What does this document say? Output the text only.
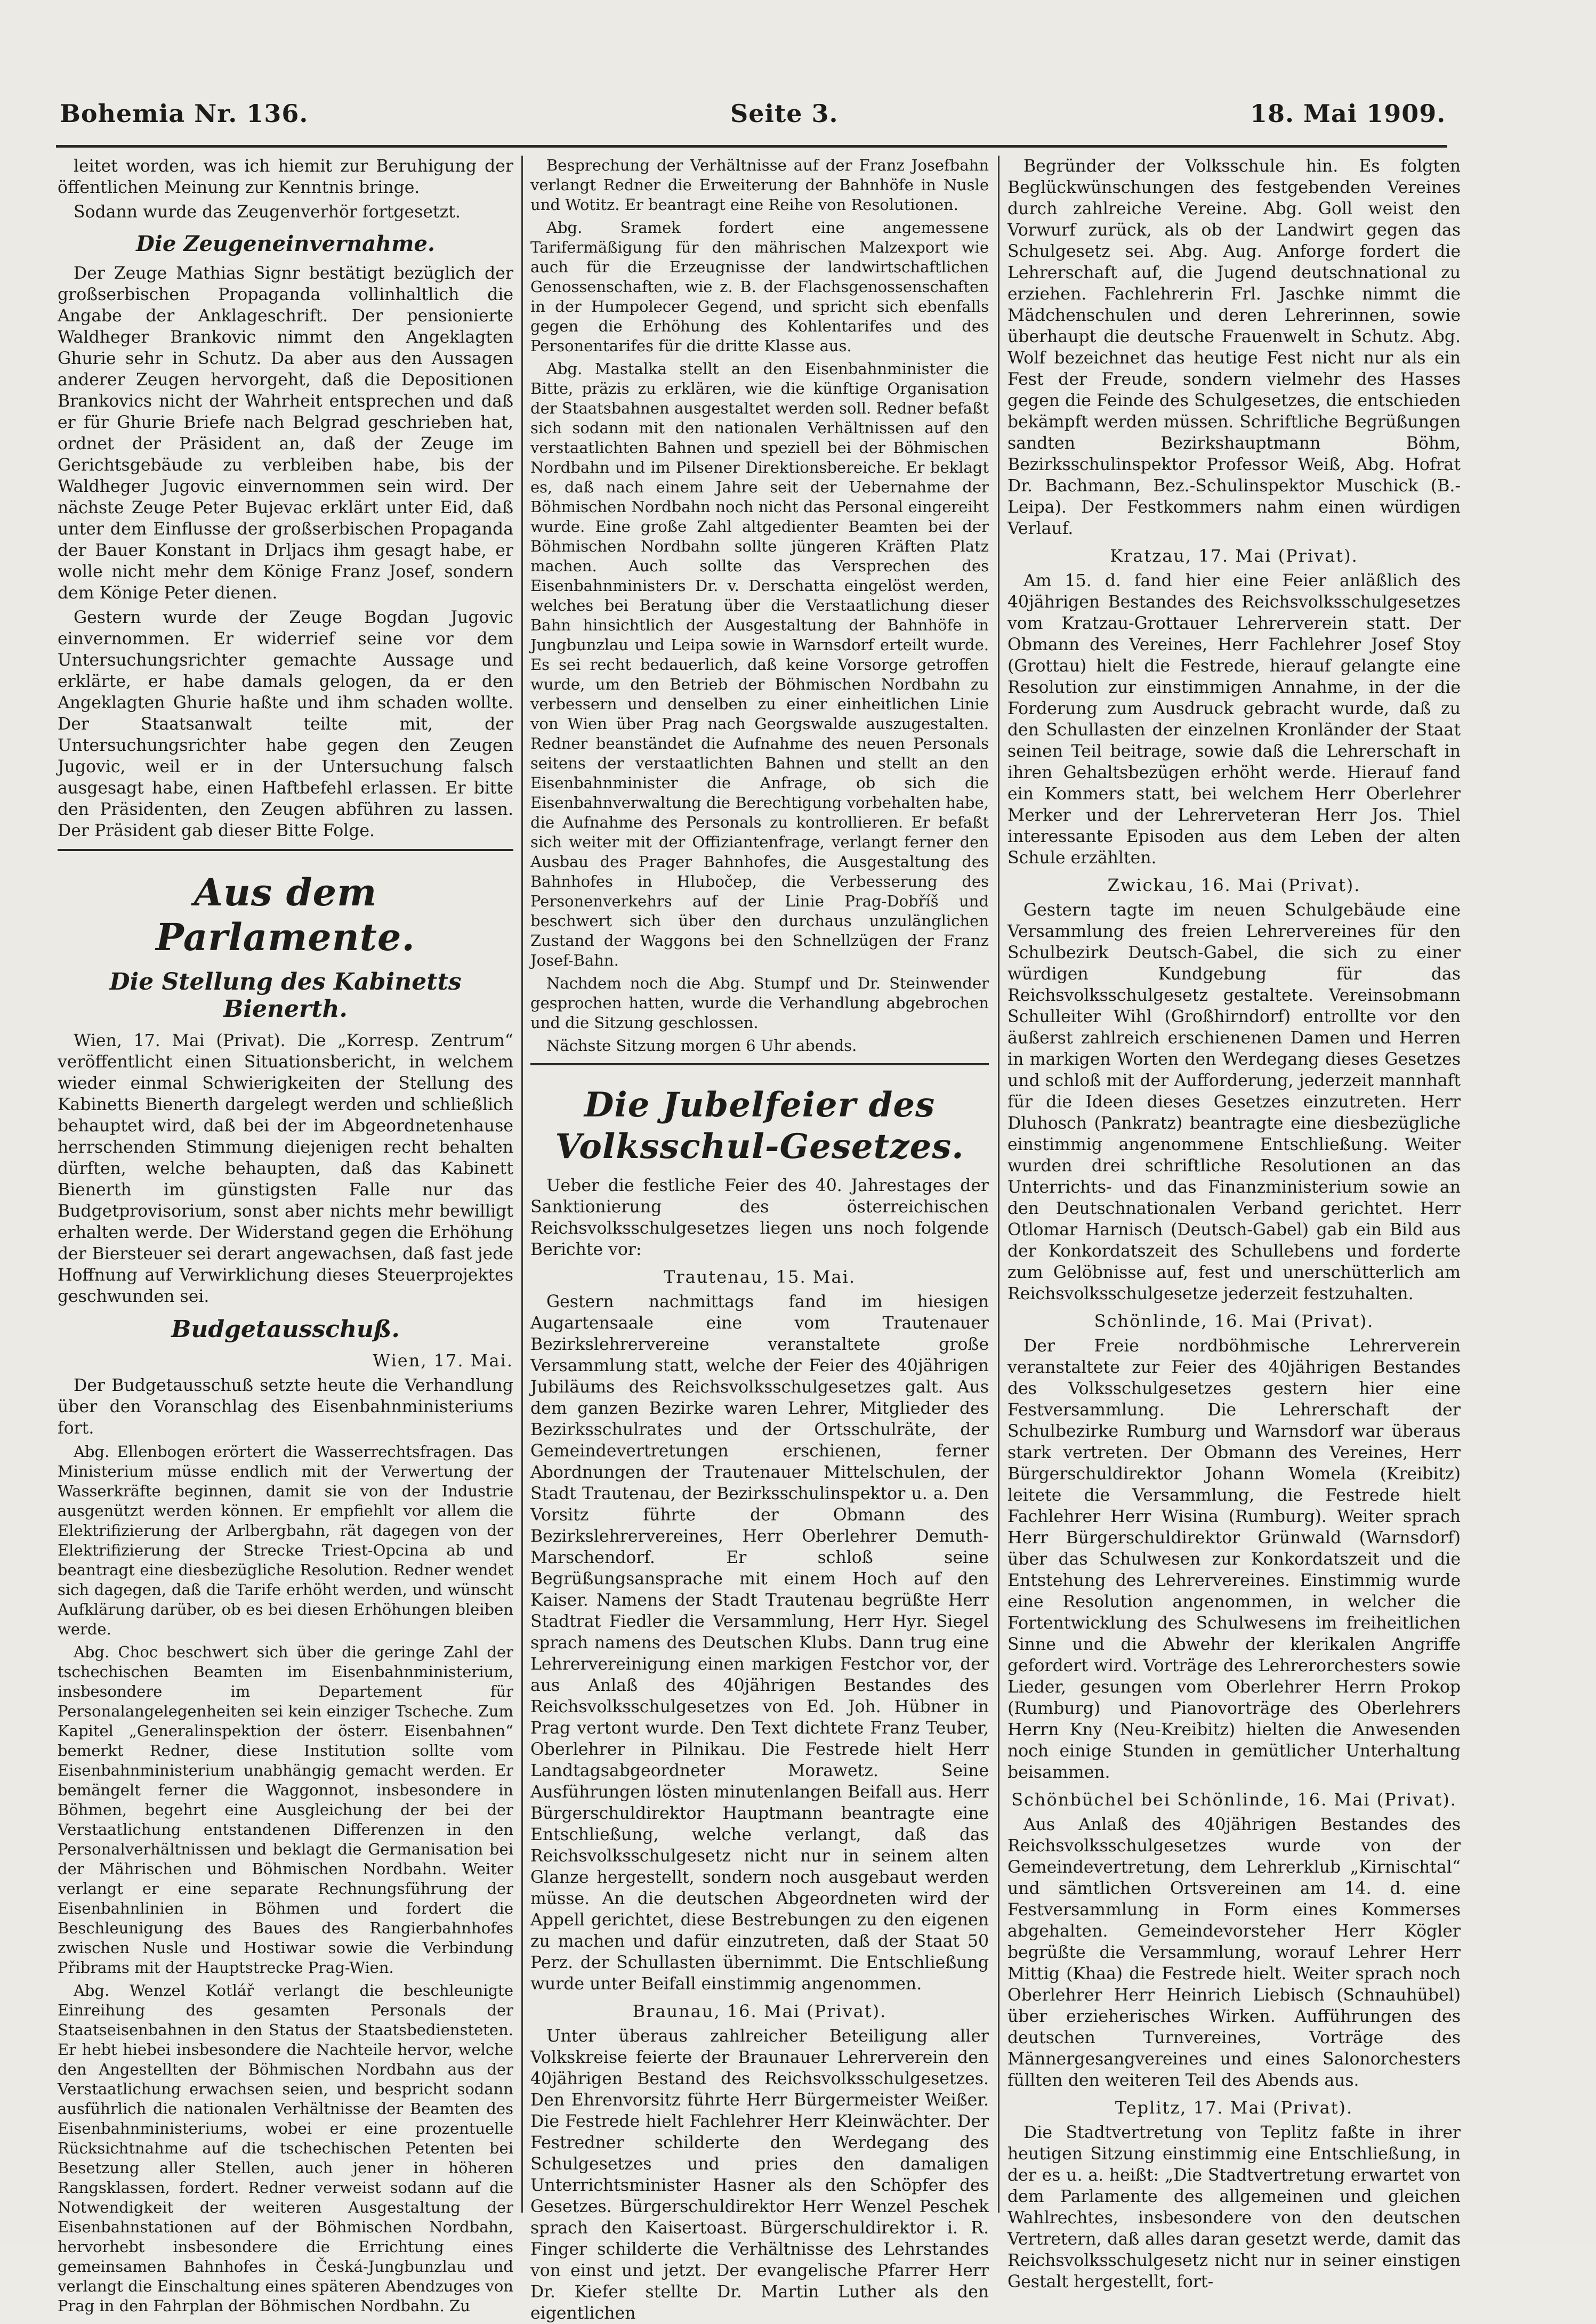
Bohemia Nr. 136.	Seite 3.	18. Mai 1909.

leitet worden, was ich hiemit zur Beruhigung der öffentlichen Meinung zur Kenntnis bringe.

Sodann wurde das Zeugenverhör fortgesetzt.

Die Zeugeneinvernahme.

Der Zeuge Mathias Signr bestätigt bezüglich der großserbischen Propaganda vollinhaltlich die Angabe der Anklageschrift. Der pensionierte Waldheger Brankovic nimmt den Angeklagten Ghurie sehr in Schutz. Da aber aus den Aussagen anderer Zeugen hervorgeht, daß die Depositionen Brankovics nicht der Wahrheit entsprechen und daß er für Ghurie Briefe nach Belgrad geschrieben hat, ordnet der Präsident an, daß der Zeuge im Gerichtsgebäude zu verbleiben habe, bis der Waldheger Jugovic einvernommen sein wird. Der nächste Zeuge Peter Bujevac erklärt unter Eid, daß unter dem Einflusse der großserbischen Propaganda der Bauer Konstant in Drljacs ihm gesagt habe, er wolle nicht mehr dem Könige Franz Josef, sondern dem Könige Peter dienen.

Gestern wurde der Zeuge Bogdan Jugovic einvernommen. Er widerrief seine vor dem Untersuchungsrichter gemachte Aussage und erklärte, er habe damals gelogen, da er den Angeklagten Ghurie haßte und ihm schaden wollte. Der Staatsanwalt teilte mit, der Untersuchungsrichter habe gegen den Zeugen Jugovic, weil er in der Untersuchung falsch ausgesagt habe, einen Haftbefehl erlassen. Er bitte den Präsidenten, den Zeugen abführen zu lassen. Der Präsident gab dieser Bitte Folge.

Aus dem Parlamente.
Die Stellung des Kabinetts Bienerth.

Wien, 17. Mai (Privat). Die „Korresp. Zentrum“ veröffentlicht einen Situationsbericht, in welchem wieder einmal Schwierigkeiten der Stellung des Kabinetts Bienerth dargelegt werden und schließlich behauptet wird, daß bei der im Abgeordnetenhause herrschenden Stimmung diejenigen recht behalten dürften, welche behaupten, daß das Kabinett Bienerth im günstigsten Falle nur das Budgetprovisorium, sonst aber nichts mehr bewilligt erhalten werde. Der Widerstand gegen die Erhöhung der Biersteuer sei derart angewachsen, daß fast jede Hoffnung auf Verwirklichung dieses Steuerprojektes geschwunden sei.

Budgetausschuß.
Wien, 17. Mai.

Der Budgetausschuß setzte heute die Verhandlung über den Voranschlag des Eisenbahnministeriums fort.

Abg. Ellenbogen erörtert die Wasserrechtsfragen. Das Ministerium müsse endlich mit der Verwertung der Wasserkräfte beginnen, damit sie von der Industrie ausgenützt werden können. Er empfiehlt vor allem die Elektrifizierung der Arlbergbahn, rät dagegen von der Elektrifizierung der Strecke Triest-Opcina ab und beantragt eine diesbezügliche Resolution. Redner wendet sich dagegen, daß die Tarife erhöht werden, und wünscht Aufklärung darüber, ob es bei diesen Erhöhungen bleiben werde.

Abg. Choc beschwert sich über die geringe Zahl der tschechischen Beamten im Eisenbahnministerium, insbesondere im Departement für Personalangelegenheiten sei kein einziger Tscheche. Zum Kapitel „Generalinspektion der österr. Eisenbahnen“ bemerkt Redner, diese Institution sollte vom Eisenbahnministerium unabhängig gemacht werden. Er bemängelt ferner die Waggonnot, insbesondere in Böhmen, begehrt eine Ausgleichung der bei der Verstaatlichung entstandenen Differenzen in den Personalverhältnissen und beklagt die Germanisation bei der Mährischen und Böhmischen Nordbahn. Weiter verlangt er eine separate Rechnungsführung der Eisenbahnlinien in Böhmen und fordert die Beschleunigung des Baues des Rangierbahnhofes zwischen Nusle und Hostiwar sowie die Verbindung Přibrams mit der Hauptstrecke Prag-Wien.

Abg. Wenzel Kotlář verlangt die beschleunigte Einreihung des gesamten Personals der Staatseisenbahnen in den Status der Staatsbediensteten. Er hebt hiebei insbesondere die Nachteile hervor, welche den Angestellten der Böhmischen Nordbahn aus der Verstaatlichung erwachsen seien, und bespricht sodann ausführlich die nationalen Verhältnisse der Beamten des Eisenbahnministeriums, wobei er eine prozentuelle Rücksichtnahme auf die tschechischen Petenten bei Besetzung aller Stellen, auch jener in höheren Rangsklassen, fordert. Redner verweist sodann auf die Notwendigkeit der weiteren Ausgestaltung der Eisenbahnstationen auf der Böhmischen Nordbahn, hervorhebt insbesondere die Errichtung eines gemeinsamen Bahnhofes in Česká-Jungbunzlau und verlangt die Einschaltung eines späteren Abendzuges von Prag in den Fahrplan der Böhmischen Nordbahn. Zu

Besprechung der Verhältnisse auf der Franz Josefbahn verlangt Redner die Erweiterung der Bahnhöfe in Nusle und Wotitz. Er beantragt eine Reihe von Resolutionen.

Abg. Sramek fordert eine angemessene Tarifermäßigung für den mährischen Malzexport wie auch für die Erzeugnisse der landwirtschaftlichen Genossenschaften, wie z. B. der Flachsgenossenschaften in der Humpolecer Gegend, und spricht sich ebenfalls gegen die Erhöhung des Kohlentarifes und des Personentarifes für die dritte Klasse aus.

Abg. Mastalka stellt an den Eisenbahnminister die Bitte, präzis zu erklären, wie die künftige Organisation der Staatsbahnen ausgestaltet werden soll. Redner befaßt sich sodann mit den nationalen Verhältnissen auf den verstaatlichten Bahnen und speziell bei der Böhmischen Nordbahn und im Pilsener Direktionsbereiche. Er beklagt es, daß nach einem Jahre seit der Uebernahme der Böhmischen Nordbahn noch nicht das Personal eingereiht wurde. Eine große Zahl altgedienter Beamten bei der Böhmischen Nordbahn sollte jüngeren Kräften Platz machen. Auch sollte das Versprechen des Eisenbahnministers Dr. v. Derschatta eingelöst werden, welches bei Beratung über die Verstaatlichung dieser Bahn hinsichtlich der Ausgestaltung der Bahnhöfe in Jungbunzlau und Leipa sowie in Warnsdorf erteilt wurde. Es sei recht bedauerlich, daß keine Vorsorge getroffen wurde, um den Betrieb der Böhmischen Nordbahn zu verbessern und denselben zu einer einheitlichen Linie von Wien über Prag nach Georgswalde auszugestalten. Redner beanständet die Aufnahme des neuen Personals seitens der verstaatlichten Bahnen und stellt an den Eisenbahnminister die Anfrage, ob sich die Eisenbahnverwaltung die Berechtigung vorbehalten habe, die Aufnahme des Personals zu kontrollieren. Er befaßt sich weiter mit der Offiziantenfrage, verlangt ferner den Ausbau des Prager Bahnhofes, die Ausgestaltung des Bahnhofes in Hlubočep, die Verbesserung des Personenverkehrs auf der Linie Prag-Dobříš und beschwert sich über den durchaus unzulänglichen Zustand der Waggons bei den Schnellzügen der Franz Josef-Bahn.

Nachdem noch die Abg. Stumpf und Dr. Steinwender gesprochen hatten, wurde die Verhandlung abgebrochen und die Sitzung geschlossen.

Nächste Sitzung morgen 6 Uhr abends.

Die Jubelfeier des Volksschul-Gesetzes.

Ueber die festliche Feier des 40. Jahrestages der Sanktionierung des österreichischen Reichsvolksschulgesetzes liegen uns noch folgende Berichte vor:

Trautenau, 15. Mai.

Gestern nachmittags fand im hiesigen Augartensaale eine vom Trautenauer Bezirkslehrervereine veranstaltete große Versammlung statt, welche der Feier des 40jährigen Jubiläums des Reichsvolksschulgesetzes galt. Aus dem ganzen Bezirke waren Lehrer, Mitglieder des Bezirksschulrates und der Ortsschulräte, der Gemeindevertretungen erschienen, ferner Abordnungen der Trautenauer Mittelschulen, der Stadt Trautenau, der Bezirksschulinspektor u. a. Den Vorsitz führte der Obmann des Bezirkslehrervereines, Herr Oberlehrer Demuth-Marschendorf. Er schloß seine Begrüßungsansprache mit einem Hoch auf den Kaiser. Namens der Stadt Trautenau begrüßte Herr Stadtrat Fiedler die Versammlung, Herr Hyr. Siegel sprach namens des Deutschen Klubs. Dann trug eine Lehrervereinigung einen markigen Festchor vor, der aus Anlaß des 40jährigen Bestandes des Reichsvolksschulgesetzes von Ed. Joh. Hübner in Prag vertont wurde. Den Text dichtete Franz Teuber, Oberlehrer in Pilnikau. Die Festrede hielt Herr Landtagsabgeordneter Morawetz. Seine Ausführungen lösten minutenlangen Beifall aus. Herr Bürgerschuldirektor Hauptmann beantragte eine Entschließung, welche verlangt, daß das Reichsvolksschulgesetz nicht nur in seinem alten Glanze hergestellt, sondern noch ausgebaut werden müsse. An die deutschen Abgeordneten wird der Appell gerichtet, diese Bestrebungen zu den eigenen zu machen und dafür einzutreten, daß der Staat 50 Perz. der Schullasten übernimmt. Die Entschließung wurde unter Beifall einstimmig angenommen.

Braunau, 16. Mai (Privat).

Unter überaus zahlreicher Beteiligung aller Volkskreise feierte der Braunauer Lehrerverein den 40jährigen Bestand des Reichsvolksschulgesetzes. Den Ehrenvorsitz führte Herr Bürgermeister Weißer. Die Festrede hielt Fachlehrer Herr Kleinwächter. Der Festredner schilderte den Werdegang des Schulgesetzes und pries den damaligen Unterrichtsminister Hasner als den Schöpfer des Gesetzes. Bürgerschuldirektor Herr Wenzel Peschek sprach den Kaisertoast. Bürgerschuldirektor i. R. Finger schilderte die Verhältnisse des Lehrstandes von einst und jetzt. Der evangelische Pfarrer Herr Dr. Kiefer stellte Dr. Martin Luther als den eigentlichen

Begründer der Volksschule hin. Es folgten Beglückwünschungen des festgebenden Vereines durch zahlreiche Vereine. Abg. Goll weist den Vorwurf zurück, als ob der Landwirt gegen das Schulgesetz sei. Abg. Aug. Anforge fordert die Lehrerschaft auf, die Jugend deutschnational zu erziehen. Fachlehrerin Frl. Jaschke nimmt die Mädchenschulen und deren Lehrerinnen, sowie überhaupt die deutsche Frauenwelt in Schutz. Abg. Wolf bezeichnet das heutige Fest nicht nur als ein Fest der Freude, sondern vielmehr des Hasses gegen die Feinde des Schulgesetzes, die entschieden bekämpft werden müssen. Schriftliche Begrüßungen sandten Bezirkshauptmann Böhm, Bezirksschulinspektor Professor Weiß, Abg. Hofrat Dr. Bachmann, Bez.-Schulinspektor Muschick (B.-Leipa). Der Festkommers nahm einen würdigen Verlauf.

Kratzau, 17. Mai (Privat).

Am 15. d. fand hier eine Feier anläßlich des 40jährigen Bestandes des Reichsvolksschulgesetzes vom Kratzau-Grottauer Lehrerverein statt. Der Obmann des Vereines, Herr Fachlehrer Josef Stoy (Grottau) hielt die Festrede, hierauf gelangte eine Resolution zur einstimmigen Annahme, in der die Forderung zum Ausdruck gebracht wurde, daß zu den Schullasten der einzelnen Kronländer der Staat seinen Teil beitrage, sowie daß die Lehrerschaft in ihren Gehaltsbezügen erhöht werde. Hierauf fand ein Kommers statt, bei welchem Herr Oberlehrer Merker und der Lehrerveteran Herr Jos. Thiel interessante Episoden aus dem Leben der alten Schule erzählten.

Zwickau, 16. Mai (Privat).

Gestern tagte im neuen Schulgebäude eine Versammlung des freien Lehrervereines für den Schulbezirk Deutsch-Gabel, die sich zu einer würdigen Kundgebung für das Reichsvolksschulgesetz gestaltete. Vereinsobmann Schulleiter Wihl (Großhirndorf) entrollte vor den äußerst zahlreich erschienenen Damen und Herren in markigen Worten den Werdegang dieses Gesetzes und schloß mit der Aufforderung, jederzeit mannhaft für die Ideen dieses Gesetzes einzutreten. Herr Dluhosch (Pankratz) beantragte eine diesbezügliche einstimmig angenommene Entschließung. Weiter wurden drei schriftliche Resolutionen an das Unterrichts- und das Finanzministerium sowie an den Deutschnationalen Verband gerichtet. Herr Otlomar Harnisch (Deutsch-Gabel) gab ein Bild aus der Konkordatszeit des Schullebens und forderte zum Gelöbnisse auf, fest und unerschütterlich am Reichsvolksschulgesetze jederzeit festzuhalten.

Schönlinde, 16. Mai (Privat).

Der Freie nordböhmische Lehrerverein veranstaltete zur Feier des 40jährigen Bestandes des Volksschulgesetzes gestern hier eine Festversammlung. Die Lehrerschaft der Schulbezirke Rumburg und Warnsdorf war überaus stark vertreten. Der Obmann des Vereines, Herr Bürgerschuldirektor Johann Womela (Kreibitz) leitete die Versammlung, die Festrede hielt Fachlehrer Herr Wisina (Rumburg). Weiter sprach Herr Bürgerschuldirektor Grünwald (Warnsdorf) über das Schulwesen zur Konkordatszeit und die Entstehung des Lehrervereines. Einstimmig wurde eine Resolution angenommen, in welcher die Fortentwicklung des Schulwesens im freiheitlichen Sinne und die Abwehr der klerikalen Angriffe gefordert wird. Vorträge des Lehrerorchesters sowie Lieder, gesungen vom Oberlehrer Herrn Prokop (Rumburg) und Pianovorträge des Oberlehrers Herrn Kny (Neu-Kreibitz) hielten die Anwesenden noch einige Stunden in gemütlicher Unterhaltung beisammen.

Schönbüchel bei Schönlinde, 16. Mai (Privat).

Aus Anlaß des 40jährigen Bestandes des Reichsvolksschulgesetzes wurde von der Gemeindevertretung, dem Lehrerklub „Kirnischtal“ und sämtlichen Ortsvereinen am 14. d. eine Festversammlung in Form eines Kommerses abgehalten. Gemeindevorsteher Herr Kögler begrüßte die Versammlung, worauf Lehrer Herr Mittig (Khaa) die Festrede hielt. Weiter sprach noch Oberlehrer Herr Heinrich Liebisch (Schnauhübel) über erzieherisches Wirken. Aufführungen des deutschen Turnvereines, Vorträge des Männergesangvereines und eines Salonorchesters füllten den weiteren Teil des Abends aus.

Teplitz, 17. Mai (Privat).

Die Stadtvertretung von Teplitz faßte in ihrer heutigen Sitzung einstimmig eine Entschließung, in der es u. a. heißt: „Die Stadtvertretung erwartet von dem Parlamente des allgemeinen und gleichen Wahlrechtes, insbesondere von den deutschen Vertretern, daß alles daran gesetzt werde, damit das Reichsvolksschulgesetz nicht nur in seiner einstigen Gestalt hergestellt, fort-
